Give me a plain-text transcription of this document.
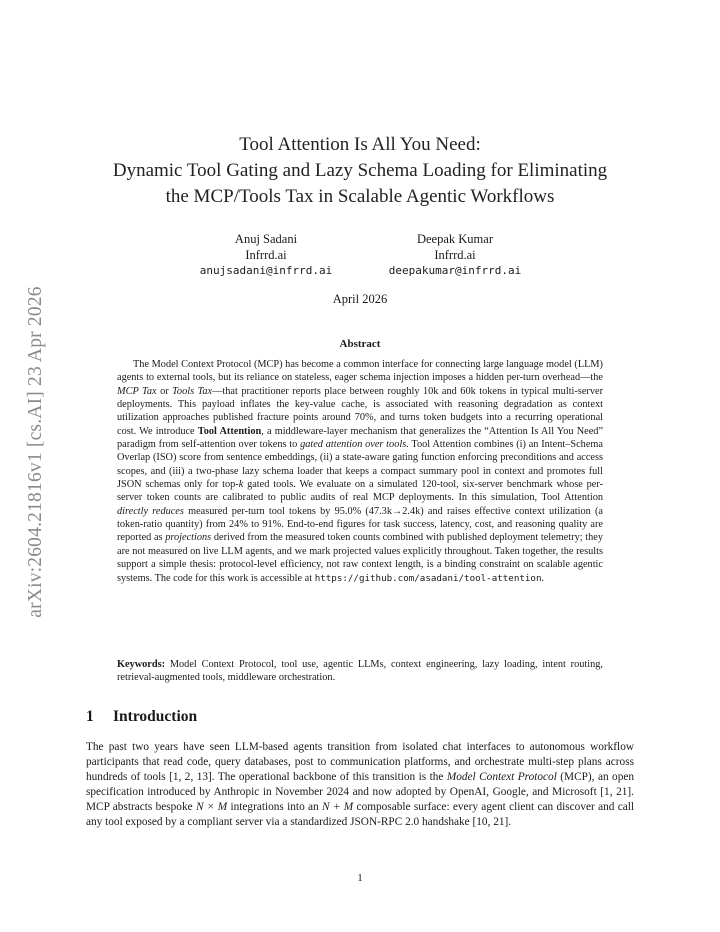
arXiv:2604.21816v1 [cs.AI] 23 Apr 2026
Tool Attention Is All You Need:
Dynamic Tool Gating and Lazy Schema Loading for Eliminating
the MCP/Tools Tax in Scalable Agentic Workflows
Anuj Sadani
Infrrd.ai
anujsadani@infrrd.ai
Deepak Kumar
Infrrd.ai
deepakumar@infrrd.ai
April 2026
Abstract

The Model Context Protocol (MCP) has become a common interface for connecting large language model (LLM) agents to external tools, but its reliance on stateless, eager schema injection imposes a hidden per-turn overhead—the MCP Tax or Tools Tax—that practitioner reports place between roughly 10k and 60k tokens in typical multi-server deployments. This payload inflates the key-value cache, is associated with reasoning degradation as context utilization approaches published fracture points around 70%, and turns token budgets into a recurring operational cost. We introduce Tool Attention, a middleware-layer mechanism that generalizes the “Attention Is All You Need” paradigm from self-attention over tokens to gated attention over tools. Tool Attention combines (i) an Intent–Schema Overlap (ISO) score from sentence embeddings, (ii) a state-aware gating function enforcing preconditions and access scopes, and (iii) a two-phase lazy schema loader that keeps a compact summary pool in context and promotes full JSON schemas only for top-k gated tools. We evaluate on a simulated 120-tool, six-server benchmark whose per-server token counts are calibrated to public audits of real MCP deployments. In this simulation, Tool Attention directly reduces measured per-turn tool tokens by 95.0% (47.3k→2.4k) and raises effective context utilization (a token-ratio quantity) from 24% to 91%. End-to-end figures for task success, latency, cost, and reasoning quality are reported as projections derived from the measured token counts combined with published deployment telemetry; they are not measured on live LLM agents, and we mark projected values explicitly throughout. Taken together, the results support a simple thesis: protocol-level efficiency, not raw context length, is a binding constraint on scalable agentic systems. The code for this work is accessible at https://github.com/asadani/tool-attention.

Keywords: Model Context Protocol, tool use, agentic LLMs, context engineering, lazy loading, intent routing, retrieval-augmented tools, middleware orchestration.

1 Introduction

The past two years have seen LLM-based agents transition from isolated chat interfaces to autonomous workflow participants that read code, query databases, post to communication platforms, and orchestrate multi-step plans across hundreds of tools [1, 2, 13]. The operational backbone of this transition is the Model Context Protocol (MCP), an open specification introduced by Anthropic in November 2024 and now adopted by OpenAI, Google, and Microsoft [1, 21]. MCP abstracts bespoke N × M integrations into an N + M composable surface: every agent client can discover and call any tool exposed by a compliant server via a standardized JSON-RPC 2.0 handshake [10, 21].

1
